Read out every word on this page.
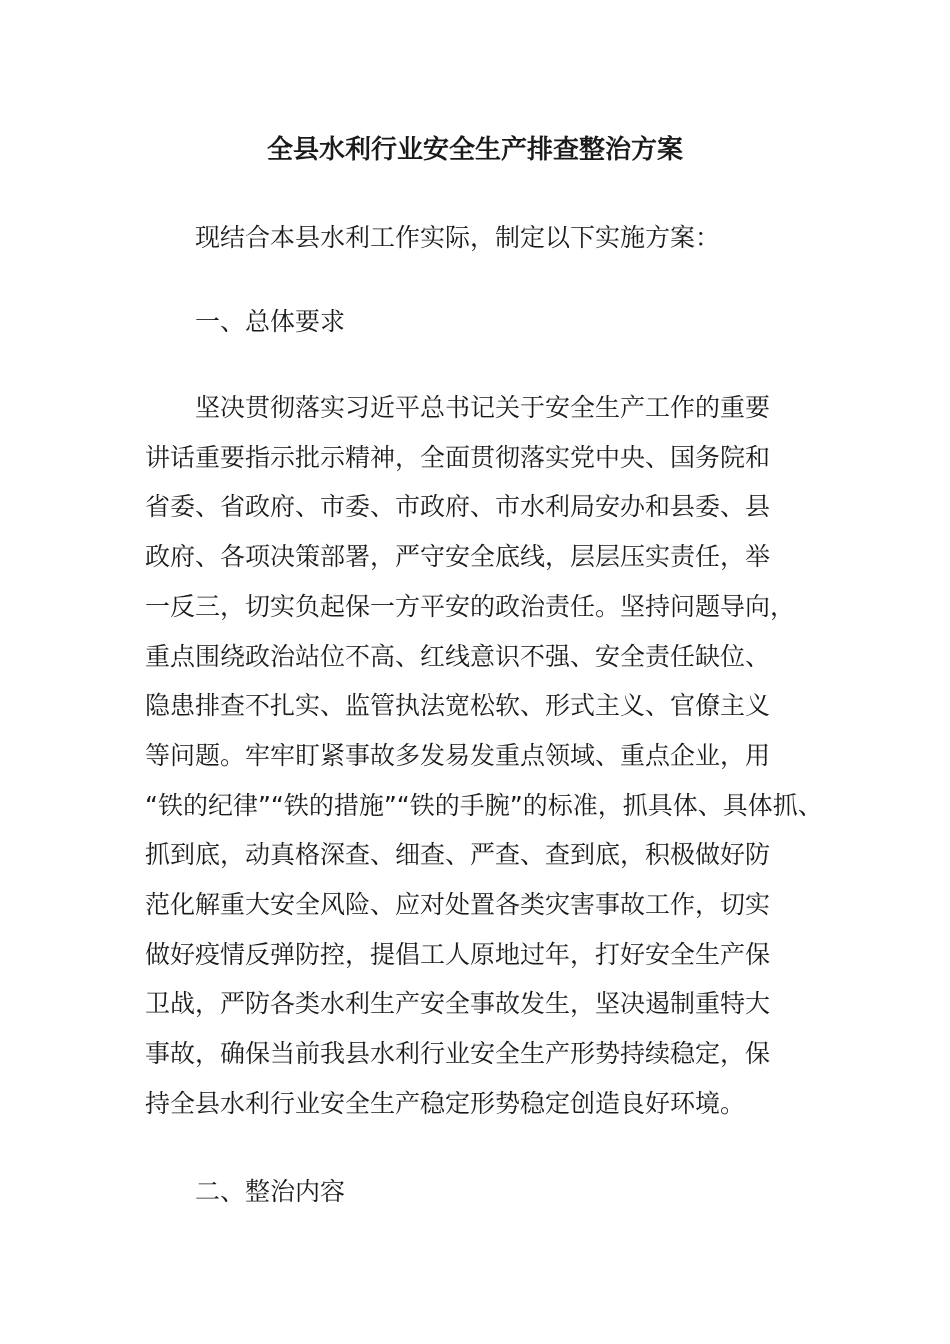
全县水利行业安全生产排查整治方案

现结合本县水利工作实际，制定以下实施方案：

一、总体要求

坚决贯彻落实习近平总书记关于安全生产工作的重要
讲话重要指示批示精神，全面贯彻落实党中央、国务院和
省委、省政府、市委、市政府、市水利局安办和县委、县
政府、各项决策部署，严守安全底线，层层压实责任，举
一反三，切实负起保一方平安的政治责任。坚持问题导向，
重点围绕政治站位不高、红线意识不强、安全责任缺位、
隐患排查不扎实、监管执法宽松软、形式主义、官僚主义
等问题。牢牢盯紧事故多发易发重点领域、重点企业，用
“铁的纪律”“铁的措施”“铁的手腕”的标准，抓具体、具体抓、
抓到底，动真格深查、细查、严查、查到底，积极做好防
范化解重大安全风险、应对处置各类灾害事故工作，切实
做好疫情反弹防控，提倡工人原地过年，打好安全生产保
卫战，严防各类水利生产安全事故发生，坚决遏制重特大
事故，确保当前我县水利行业安全生产形势持续稳定，保
持全县水利行业安全生产稳定形势稳定创造良好环境。

二、整治内容
